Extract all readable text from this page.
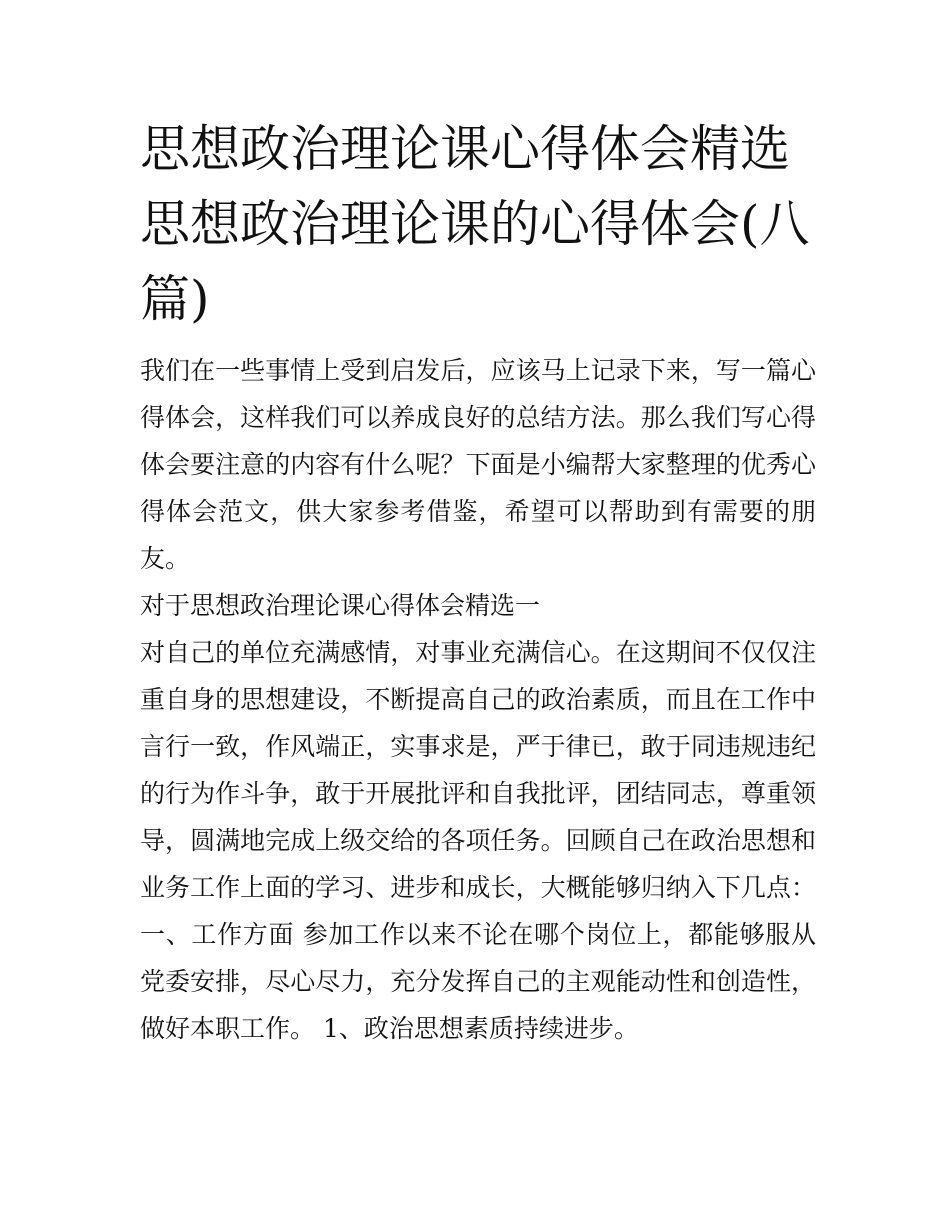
思想政治理论课心得体会精选思想政治理论课的心得体会(八篇)

我们在一些事情上受到启发后，应该马上记录下来，写一篇心得体会，这样我们可以养成良好的总结方法。那么我们写心得体会要注意的内容有什么呢？下面是小编帮大家整理的优秀心得体会范文，供大家参考借鉴，希望可以帮助到有需要的朋友。

对于思想政治理论课心得体会精选一

对自己的单位充满感情，对事业充满信心。在这期间不仅仅注重自身的思想建设，不断提高自己的政治素质，而且在工作中言行一致，作风端正，实事求是，严于律已，敢于同违规违纪的行为作斗争，敢于开展批评和自我批评，团结同志，尊重领导，圆满地完成上级交给的各项任务。回顾自己在政治思想和业务工作上面的学习、进步和成长，大概能够归纳入下几点：一、工作方面 参加工作以来不论在哪个岗位上，都能够服从党委安排，尽心尽力，充分发挥自己的主观能动性和创造性，做好本职工作。 1、政治思想素质持续进步。
